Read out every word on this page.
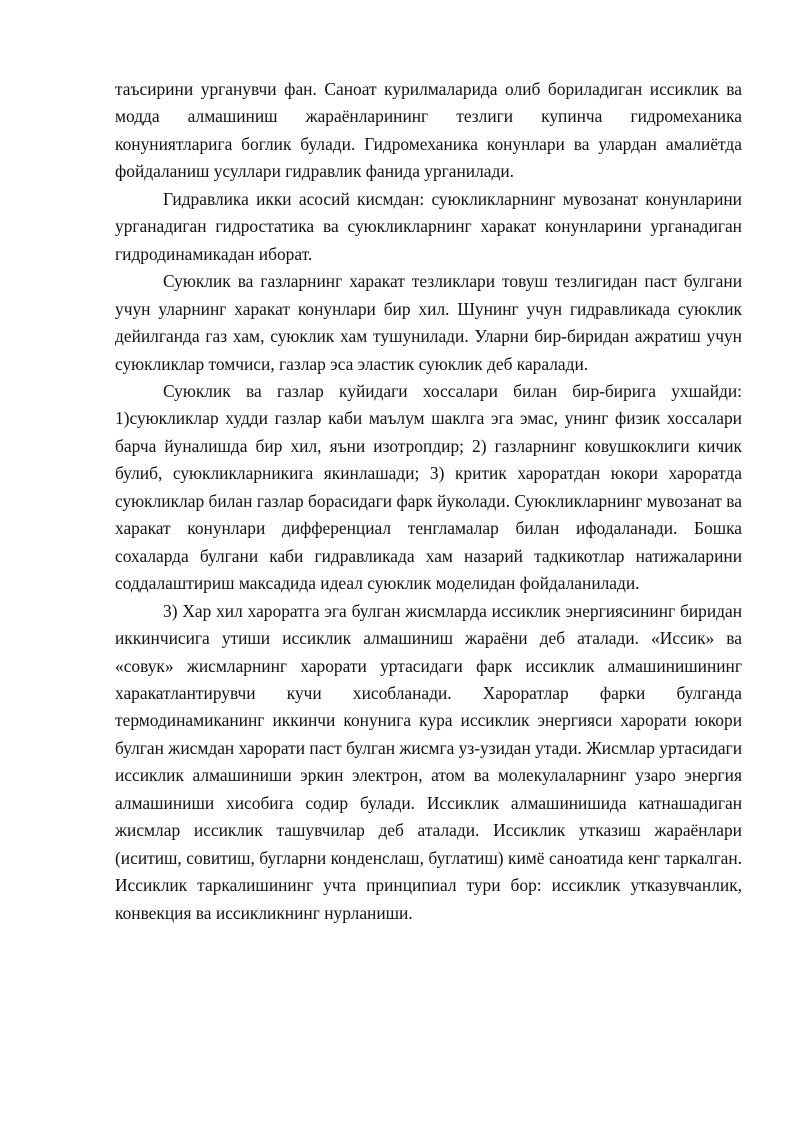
таъсирини урганувчи фан. Саноат курилмаларида олиб бориладиган иссиклик ва модда алмашиниш жараёнларининг тезлиги купинча гидромеханика конуниятларига боглик булади. Гидромеханика конунлари ва улардан амалиётда фойдаланиш усуллари гидравлик фанида урганилади.

Гидравлика икки асосий кисмдан: суюкликларнинг мувозанат конунларини урганадиган гидростатика ва суюкликларнинг харакат конунларини урганадиган гидродинамикадан иборат.

Суюклик ва газларнинг харакат тезликлари товуш тезлигидан паст булгани учун уларнинг харакат конунлари бир хил. Шунинг учун гидравликада суюклик дейилганда газ хам, суюклик хам тушунилади. Уларни бир-биридан ажратиш учун суюкликлар томчиси, газлар эса эластик суюклик деб каралади.

Суюклик ва газлар куйидаги хоссалари билан бир-бирига ухшайди: 1)суюкликлар худди газлар каби маълум шаклга эга эмас, унинг физик хоссалари барча йуналишда бир хил, яъни изотропдир; 2) газларнинг ковушкоклиги кичик булиб, суюкликларникига якинлашади; 3) критик хароратдан юкори хароратда суюкликлар билан газлар борасидаги фарк йуколади. Суюкликларнинг мувозанат ва харакат конунлари дифференциал тенгламалар билан ифодаланади. Бошка сохаларда булгани каби гидравликада хам назарий тадкикотлар натижаларини соддалаштириш максадида идеал суюклик моделидан фойдаланилади.

3) Хар хил хароратга эга булган жисмларда иссиклик энергиясининг биридан иккинчисига утиши иссиклик алмашиниш жараёни деб аталади. «Иссик» ва «совук» жисмларнинг харорати уртасидаги фарк иссиклик алмашинишининг харакатлантирувчи кучи хисобланади. Хароратлар фарки булганда термодинамиканинг иккинчи конунига кура иссиклик энергияси харорати юкори булган жисмдан харорати паст булган жисмга уз-узидан утади. Жисмлар уртасидаги иссиклик алмашиниши эркин электрон, атом ва молекулаларнинг узаро энергия алмашиниши хисобига содир булади. Иссиклик алмашинишида катнашадиган жисмлар иссиклик ташувчилар деб аталади. Иссиклик утказиш жараёнлари (иситиш, совитиш, бугларни конденслаш, буглатиш) кимё саноатида кенг таркалган. Иссиклик таркалишининг учта принципиал тури бор: иссиклик утказувчанлик, конвекция ва иссикликнинг нурланиши.
